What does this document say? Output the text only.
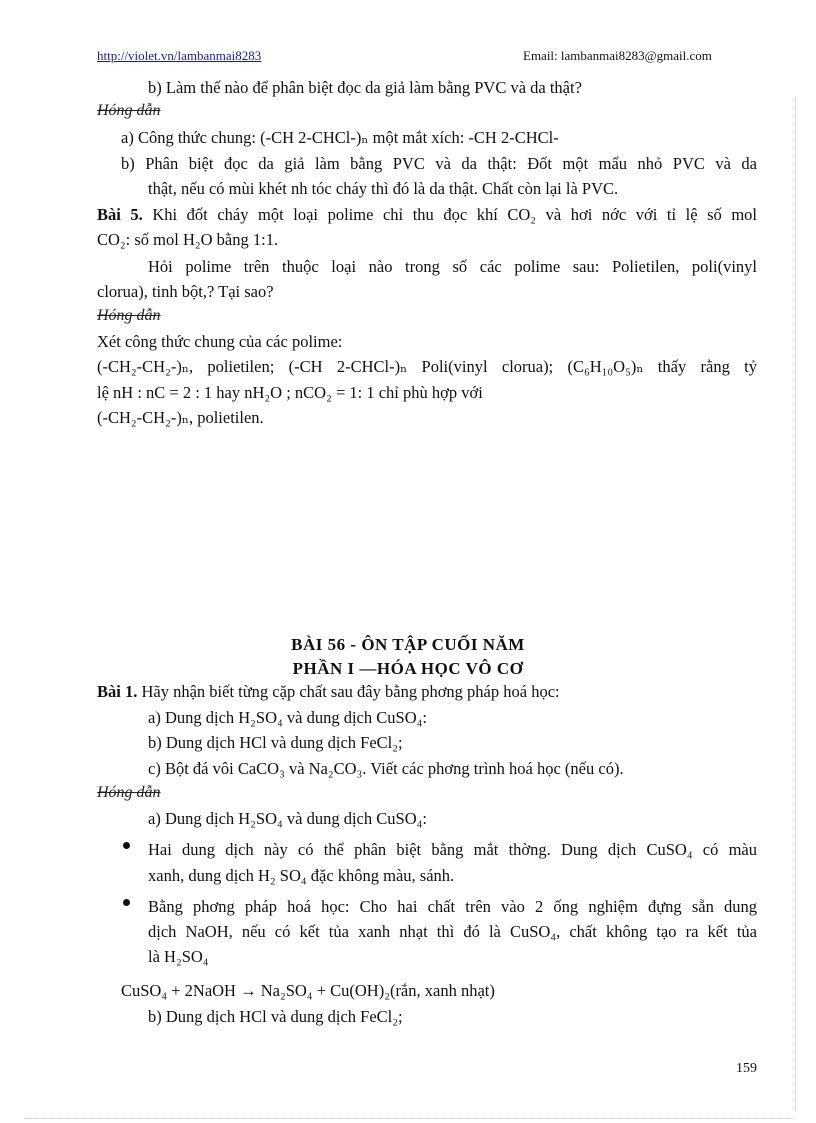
http://violet.vn/lambanmai8283	Email: lambanmai8283@gmail.com
b) Làm thế nào để phân biệt đọc da giả làm bằng PVC và da thật?
Hóng dẫn
a) Công thức chung: (-CH 2-CHCl-)ₙ một mắt xích: -CH 2-CHCl-
b) Phân biệt đọc da giả làm bằng PVC và da thật: Đốt một mẩu nhỏ PVC và da
thật, nếu có mùi khét nh tóc cháy thì đó là da thật. Chất còn lại là PVC.
Bài 5. Khi đốt cháy một loại polime chỉ thu đọc khí CO₂ và hơi nớc với tỉ lệ số mol
CO₂: số mol H₂O bằng 1:1.
Hỏi polime trên thuộc loại nào trong số các polime sau: Polietilen, poli(vinyl
clorua), tinh bột,? Tại sao?
Hóng dẫn
Xét công thức chung của các polime:
(-CH₂-CH₂-)ₙ, polietilen; (-CH 2-CHCl-)ₙ Poli(vinyl clorua); (C₆H₁₀O₅)ₙ thấy rằng tỷ
lệ nH : nC = 2 : 1 hay nH₂O ; nCO₂ = 1: 1 chỉ phù hợp với
(-CH₂-CH₂-)ₙ, polietilen.
BÀI 56 - ÔN TẬP CUỐI NĂM
PHẦN I —HÓA HỌC VÔ CƠ
Bài 1. Hãy nhận biết từng cặp chất sau đây bằng phơng pháp hoá học:
a) Dung dịch H₂SO₄ và dung dịch CuSO₄:
b) Dung dịch HCl và dung dịch FeCl₂;
c) Bột đá vôi CaCO₃ và Na₂CO₃. Viết các phơng trình hoá học (nếu có).
Hóng dẫn
a) Dung dịch H₂SO₄ và dung dịch CuSO₄:
Hai dung dịch này có thể phân biệt bằng mắt thờng. Dung dịch CuSO₄ có màu
xanh, dung dịch H₂ SO₄ đặc không màu, sánh.
Bằng phơng pháp hoá học: Cho hai chất trên vào 2 ống nghiệm đựng sẵn dung
dịch NaOH, nếu có kết tủa xanh nhạt thì đó là CuSO₄, chất không tạo ra kết tủa
là H₂SO₄
CuSO₄ + 2NaOH → Na₂SO₄ + Cu(OH)₂(rắn, xanh nhạt)
b) Dung dịch HCl và dung dịch FeCl₂;
159
